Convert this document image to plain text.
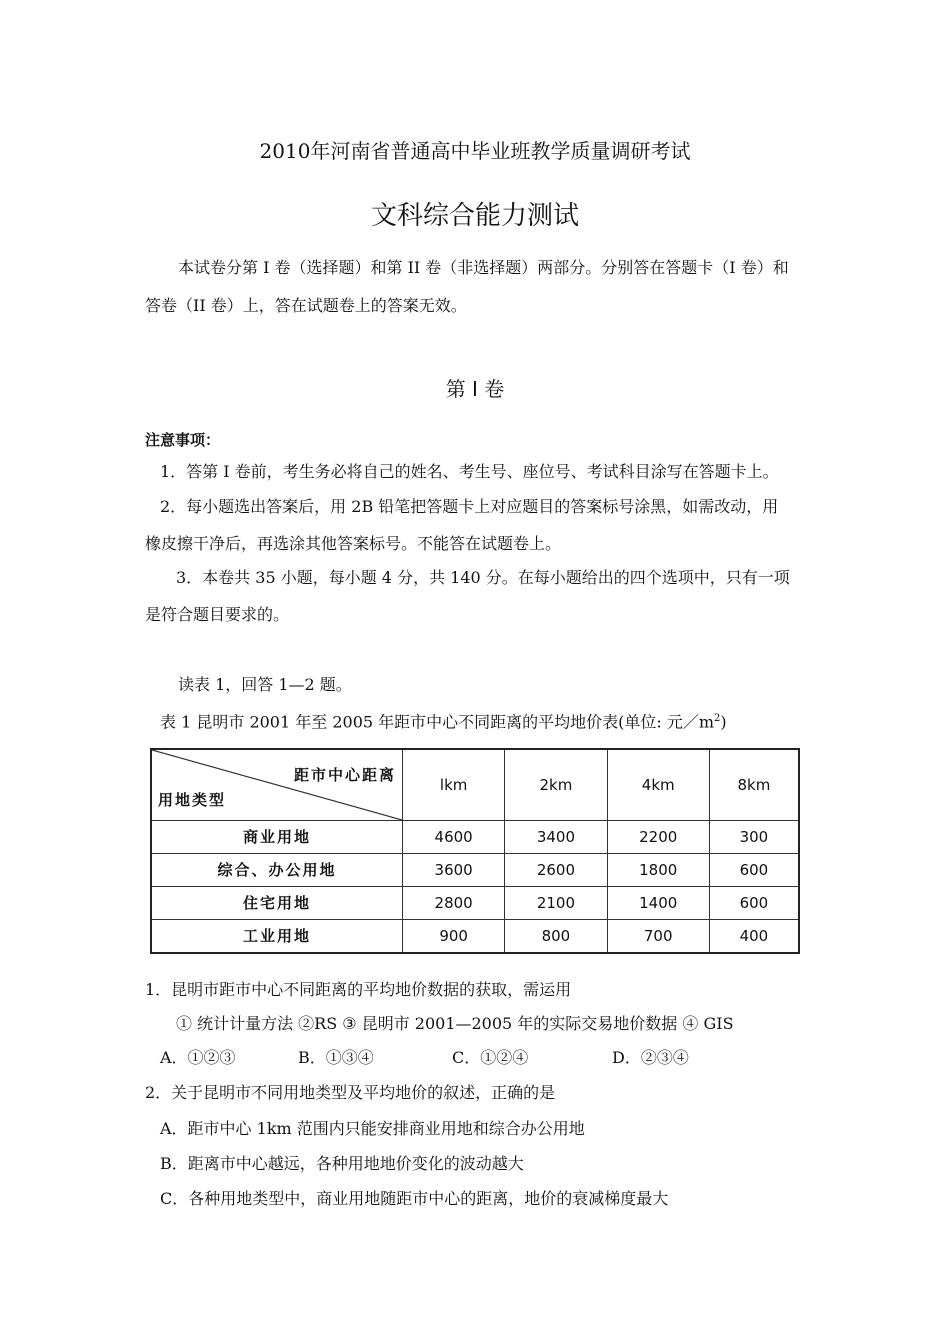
2010年河南省普通高中毕业班教学质量调研考试
文科综合能力测试
本试卷分第 I 卷（选择题）和第 II 卷（非选择题）两部分。分别答在答题卡（I 卷）和
答卷（II 卷）上，答在试题卷上的答案无效。
第 Ⅰ 卷
注意事项：
1．答第 I 卷前，考生务必将自己的姓名、考生号、座位号、考试科目涂写在答题卡上。
2．每小题选出答案后，用 2B 铅笔把答题卡上对应题目的答案标号涂黑，如需改动，用
橡皮擦干净后，再选涂其他答案标号。不能答在试题卷上。
3．本卷共 35 小题，每小题 4 分，共 140 分。在每小题给出的四个选项中，只有一项
是符合题目要求的。
读表 1，回答 1—2 题。
表 1 昆明市 2001 年至 2005 年距市中心不同距离的平均地价表(单位: 元$/m^2$)
距市中心距离
用地类型	lkm	2km	4km	8km
商业用地	4600	3400	2200	300
综合、办公用地	3600	2600	1800	600
住宅用地	2800	2100	1400	600
工业用地	900	800	700	400
1．昆明市距市中心不同距离的平均地价数据的获取，需运用
① 统计计量方法 ②RS ③ 昆明市 2001—2005 年的实际交易地价数据 ④ GIS
A．①②③	B．①③④	C．①②④	D．②③④
2．关于昆明市不同用地类型及平均地价的叙述，正确的是
A．距市中心 1km 范围内只能安排商业用地和综合办公用地
B．距离市中心越远，各种用地地价变化的波动越大
C．各种用地类型中，商业用地随距市中心的距离，地价的衰减梯度最大
